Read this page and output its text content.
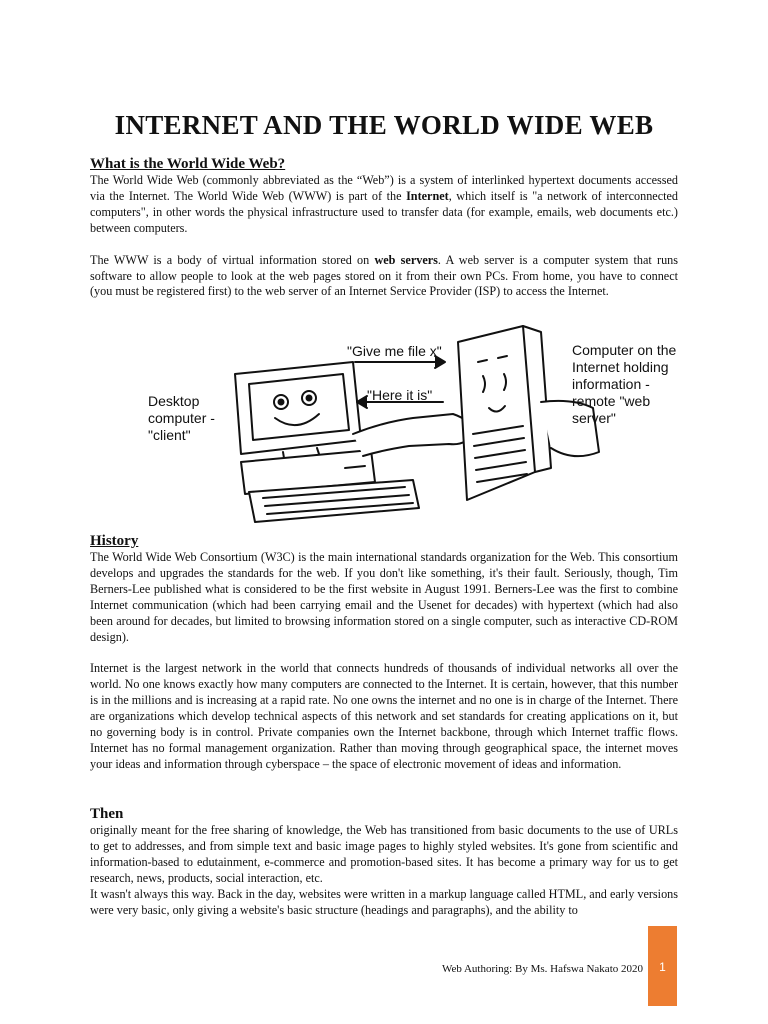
INTERNET AND THE WORLD WIDE WEB

What is the World Wide Web?

The World Wide Web (commonly abbreviated as the “Web”) is a system of interlinked hypertext documents accessed via the Internet. The World Wide Web (WWW) is part of the Internet, which itself is "a network of interconnected computers", in other words the physical infrastructure used to transfer data (for example, emails, web documents etc.) between computers.

The WWW is a body of virtual information stored on web servers. A web server is a computer system that runs software to allow people to look at the web pages stored on it from their own PCs. From home, you have to connect (you must be registered first) to the web server of an Internet Service Provider (ISP) to access the Internet.

History

The World Wide Web Consortium (W3C) is the main international standards organization for the Web. This consortium develops and upgrades the standards for the web. If you don't like something, it's their fault. Seriously, though, Tim Berners-Lee published what is considered to be the first website in August 1991. Berners-Lee was the first to combine Internet communication (which had been carrying email and the Usenet for decades) with hypertext (which had also been around for decades, but limited to browsing information stored on a single computer, such as interactive CD-ROM design).

Internet is the largest network in the world that connects hundreds of thousands of individual networks all over the world. No one knows exactly how many computers are connected to the Internet. It is certain, however, that this number is in the millions and is increasing at a rapid rate. No one owns the internet and no one is in charge of the Internet. There are organizations which develop technical aspects of this network and set standards for creating applications on it, but no governing body is in control. Private companies own the Internet backbone, through which Internet traffic flows. Internet has no formal management organization. Rather than moving through geographical space, the internet moves your ideas and information through cyberspace – the space of electronic movement of ideas and information.

Then

originally meant for the free sharing of knowledge, the Web has transitioned from basic documents to the use of URLs to get to addresses, and from simple text and basic image pages to highly styled websites. It's gone from scientific and information-based to edutainment, e-commerce and promotion-based sites. It has become a primary way for us to get research, news, products, social interaction, etc.

It wasn't always this way. Back in the day, websites were written in a markup language called HTML, and early versions were very basic, only giving a website's basic structure (headings and paragraphs), and the ability to

Desktop
computer -
"client"
"Give me file x"
"Here it is"
Computer on the
Internet holding
information -
remote "web
server"
Web Authoring: By Ms. Hafswa Nakato 2020	1
